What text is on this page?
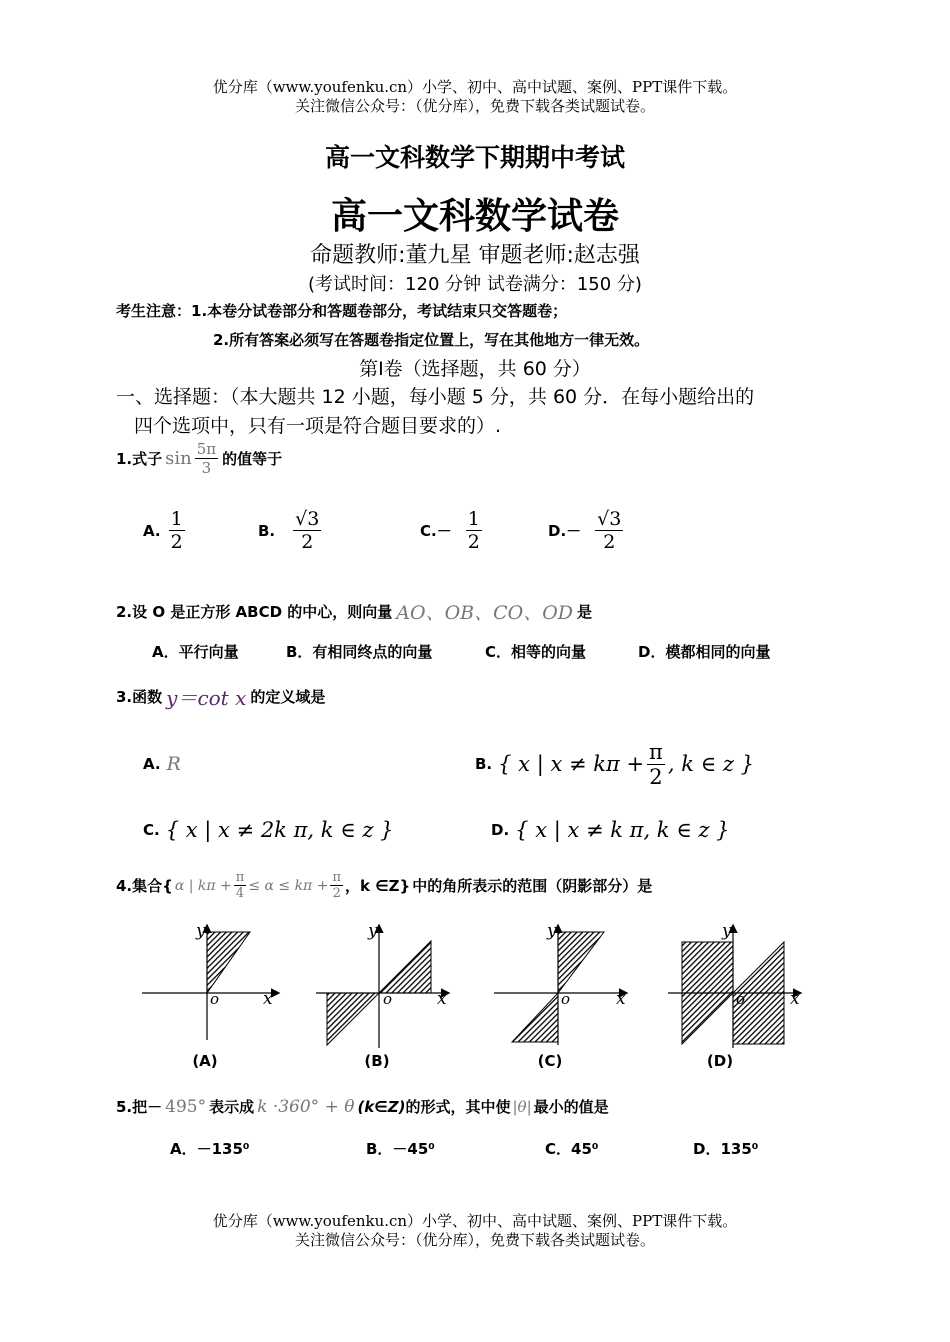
优分库（www.youfenku.cn）小学、初中、高中试题、案例、PPT课件下载。
关注微信公众号：（优分库），免费下载各类试题试卷。
高一文科数学下期期中考试
高一文科数学试卷
命题教师:董九星 审题老师:赵志强
(考试时间：120 分钟 试卷满分：150 分)
考生注意：1.本卷分试卷部分和答题卷部分，考试结束只交答题卷；
2.所有答案必须写在答题卷指定位置上，写在其他地方一律无效。
第Ⅰ卷（选择题，共 60 分）
一、选择题：（本大题共 12 小题，每小题 5 分，共 60 分．在每小题给出的
四个选项中，只有一项是符合题目要求的）.
1.式子 $\sin \frac{5\pi}{3}$ 的值等于
A. $\frac{1}{2}$	B. $\frac{√3}{2}$	$C.- \frac{1}{2}$	$D.- \frac{√3}{2}$
2.设 O 是正方形 ABCD 的中心，则向量 AO、OB、CO、OD 是
A．平行向量	B．有相同终点的向量	C．相等的向量	D．模都相同的向量
3.函数 y＝cot x 的定义域是
A. R	B. { x | $x \ne k\pi + \frac{\pi}{2}$ , k ∈ z }
C. { x | x ≠ 2k π, k ∈ z }	D. { x | x ≠ k π, k ∈ z }
4.集合{ α | $k\pi + \frac{\pi}{4} \le \alpha \le k\pi + \frac{\pi}{2}$ ，k ∈Z} 中的角所表示的范围（阴影部分）是
y
x
o
y
x
o
y
x
o
y
x
o
(A)	(B)	(C)	(D)
5.把－ 495° 表示成 k ·360° + θ (k∈Z) 的形式，其中使 |θ| 最小的值是
A．－135⁰	B．－45⁰	C．45⁰	D．135⁰
优分库（www.youfenku.cn）小学、初中、高中试题、案例、PPT课件下载。
关注微信公众号：（优分库），免费下载各类试题试卷。
